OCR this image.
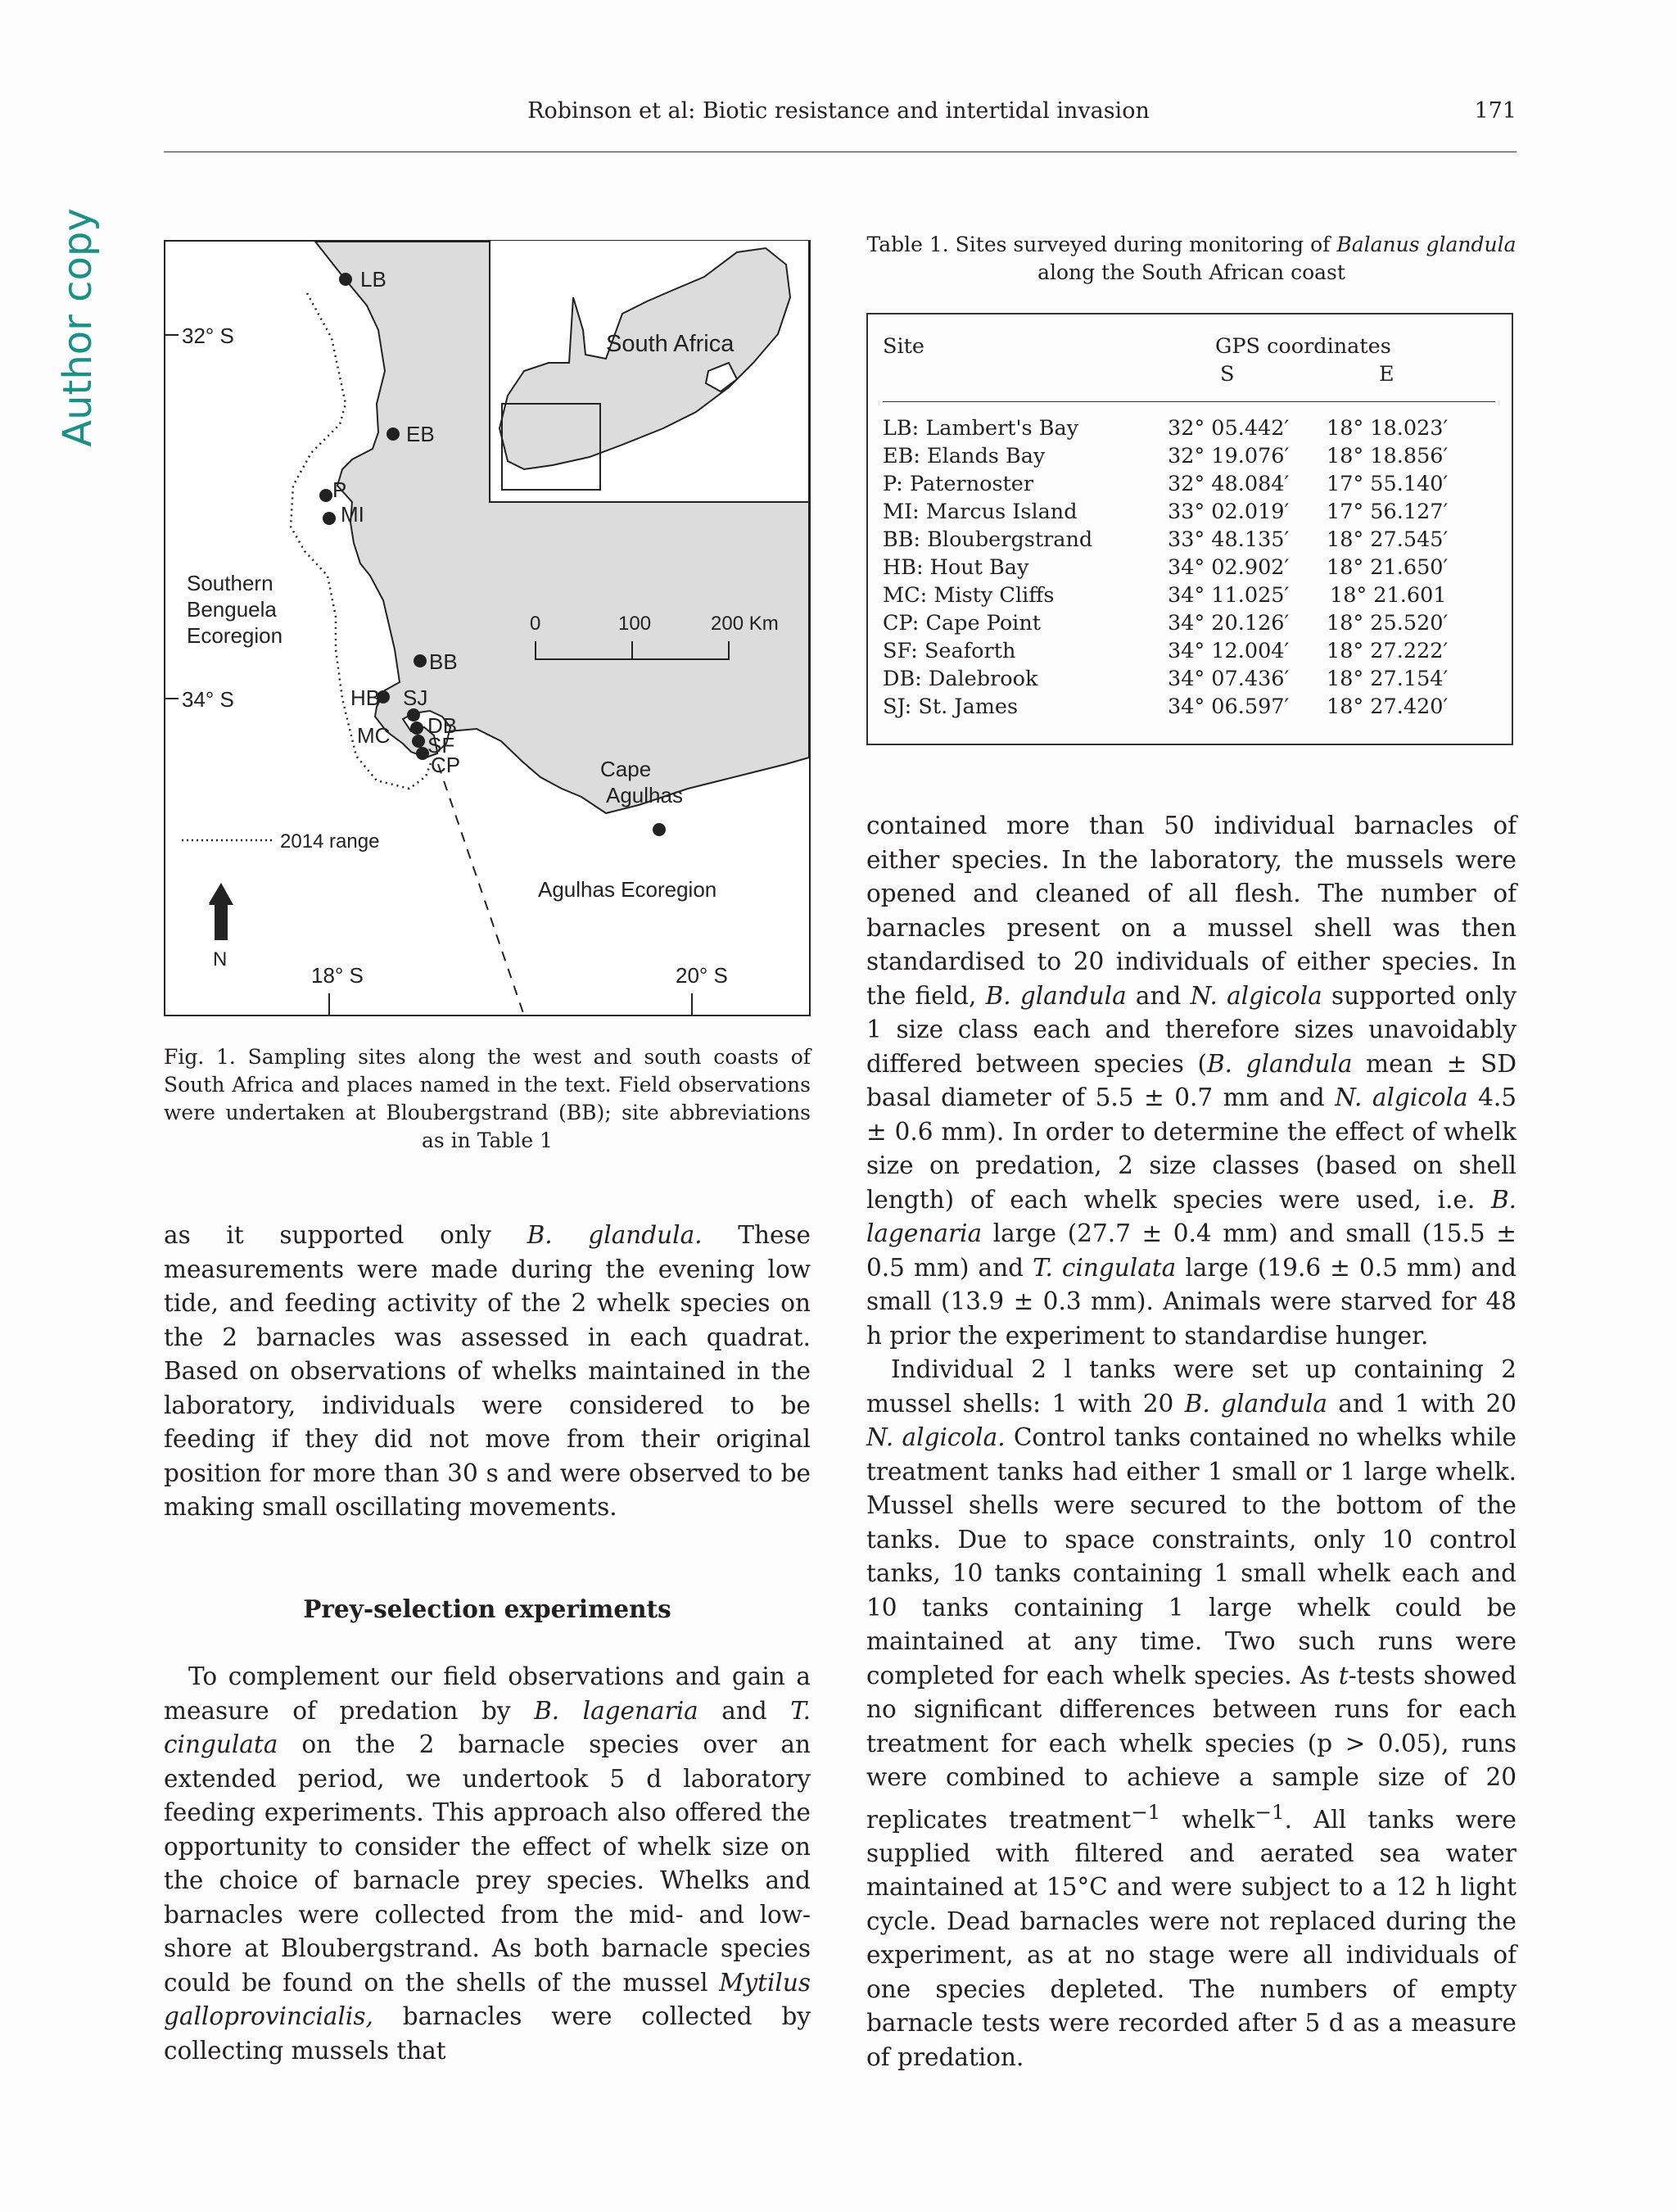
Robinson et al: Biotic resistance and intertidal invasion	171
Author copy	South Africa
32° S
34° S
18° S	20° S
0	100	200 Km
Southern
Benguela
Ecoregion
Cape
Agulhas
Agulhas Ecoregion
2014 range
N
LB
EB
P
MI
BB
HB SJ
MC DB
SF
CP
Fig. 1. Sampling sites along the west and south coasts of South Africa and places named in the text. Field observations were undertaken at Bloubergstrand (BB); site abbreviations as in Table 1
Table 1. Sites surveyed during monitoring of Balanus glandula along the South African coast
Site	GPS coordinates
S	E
LB: Lambert's Bay	32° 05.442′ 18° 18.023′
EB: Elands Bay	32° 19.076′ 18° 18.856′
P: Paternoster	32° 48.084′ 17° 55.140′
MI: Marcus Island	33° 02.019′ 17° 56.127′
BB: Bloubergstrand	33° 48.135′ 18° 27.545′
HB: Hout Bay	34° 02.902′ 18° 21.650′
MC: Misty Cliffs	34° 11.025′ 18° 21.601
CP: Cape Point	34° 20.126′ 18° 25.520′
SF: Seaforth	34° 12.004′ 18° 27.222′
DB: Dalebrook	34° 07.436′ 18° 27.154′
SJ: St. James	34° 06.597′ 18° 27.420′

as it supported only B. glandula. These measurements were made during the evening low tide, and feeding activity of the 2 whelk species on the 2 barnacles was assessed in each quadrat. Based on observations of whelks maintained in the laboratory, individuals were considered to be feeding if they did not move from their original position for more than 30 s and were observed to be making small oscillating movements.

Prey-selection experiments

To complement our field observations and gain a measure of predation by B. lagenaria and T. cingulata on the 2 barnacle species over an extended period, we undertook 5 d laboratory feeding experiments. This approach also offered the opportunity to consider the effect of whelk size on the choice of barnacle prey species. Whelks and barnacles were collected from the mid- and low-shore at Bloubergstrand. As both barnacle species could be found on the shells of the mussel Mytilus galloprovincialis, barnacles were collected by collecting mussels that

contained more than 50 individual barnacles of either species. In the laboratory, the mussels were opened and cleaned of all flesh. The number of barnacles present on a mussel shell was then standardised to 20 individuals of either species. In the field, B. glandula and N. algicola supported only 1 size class each and therefore sizes unavoidably differed between species (B. glandula mean ± SD basal diameter of 5.5 ± 0.7 mm and N. algicola 4.5 ± 0.6 mm). In order to determine the effect of whelk size on predation, 2 size classes (based on shell length) of each whelk species were used, i.e. B. lagenaria large (27.7 ± 0.4 mm) and small (15.5 ± 0.5 mm) and T. cingulata large (19.6 ± 0.5 mm) and small (13.9 ± 0.3 mm). Animals were starved for 48 h prior the experiment to standardise hunger.

Individual 2 l tanks were set up containing 2 mussel shells: 1 with 20 B. glandula and 1 with 20 N. algicola. Control tanks contained no whelks while treatment tanks had either 1 small or 1 large whelk. Mussel shells were secured to the bottom of the tanks. Due to space constraints, only 10 control tanks, 10 tanks containing 1 small whelk each and 10 tanks containing 1 large whelk could be maintained at any time. Two such runs were completed for each whelk species. As t-tests showed no significant differences between runs for each treatment for each whelk species (p > 0.05), runs were combined to achieve a sample size of 20 replicates treatment$^{-1}$ whelk$^{-1}$. All tanks were supplied with filtered and aerated sea water maintained at 15°C and were subject to a 12 h light cycle. Dead barnacles were not replaced during the experiment, as at no stage were all individuals of one species depleted. The numbers of empty barnacle tests were recorded after 5 d as a measure of predation.
